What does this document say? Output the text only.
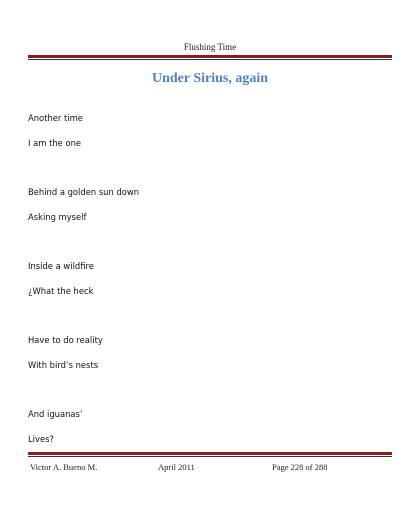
Flushing Time
Under Sirius, again
Another time
I am the one
Behind a golden sun down
Asking myself
Inside a wildfire
¿What the heck
Have to do reality
With bird’s nests
And iguanas’
Lives?
Victor A. Bueno M.	April 2011	Page 228 of 288
